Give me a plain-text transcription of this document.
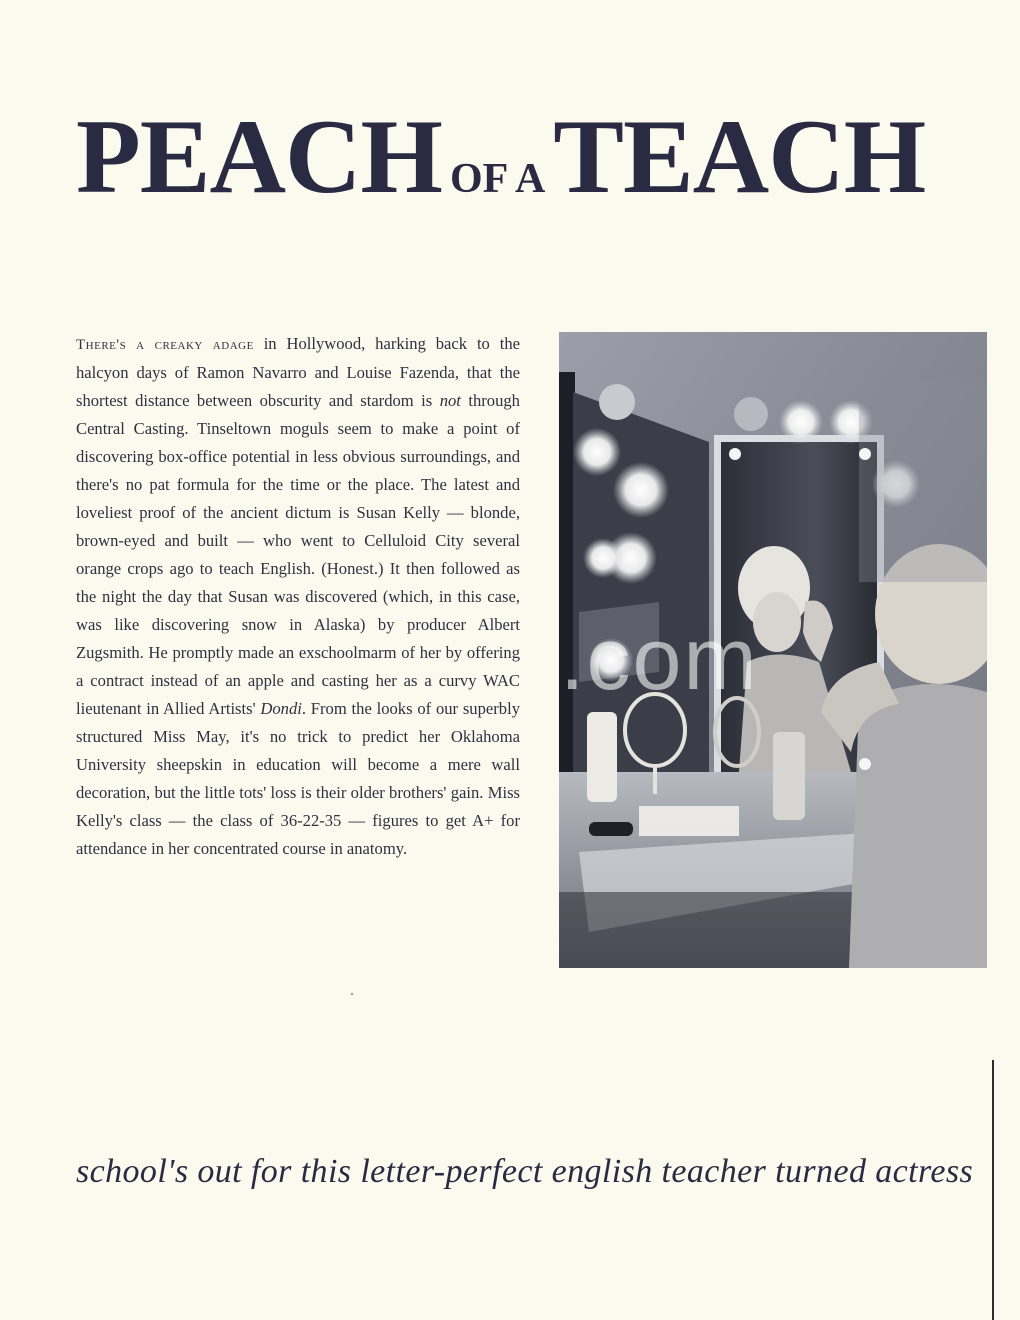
PEACH OF ATEACH
There's a creaky adage in Hollywood, harking back to the halcyon days of Ramon Navarro and Louise Fazenda, that the shortest distance between obscurity and stardom is not through Central Casting. Tinseltown moguls seem to make a point of discovering box-office potential in less obvious surroundings, and there's no pat formula for the time or the place. The latest and loveliest proof of the ancient dictum is Susan Kelly — blonde, brown-eyed and built — who went to Celluloid City several orange crops ago to teach English. (Honest.) It then followed as the night the day that Susan was discovered (which, in this case, was like discovering snow in Alaska) by producer Albert Zugsmith. He promptly made an exschoolmarm of her by offering a contract instead of an apple and casting her as a curvy WAC lieutenant in Allied Artists' Dondi. From the looks of our superbly structured Miss May, it's no trick to predict her Oklahoma University sheepskin in education will become a mere wall decoration, but the little tots' loss is their older brothers' gain. Miss Kelly's class — the class of 36-22-35 — figures to get A+ for attendance in her concentrated course in anatomy.
.com
school's out for this letter-perfect english teacher turned actress
